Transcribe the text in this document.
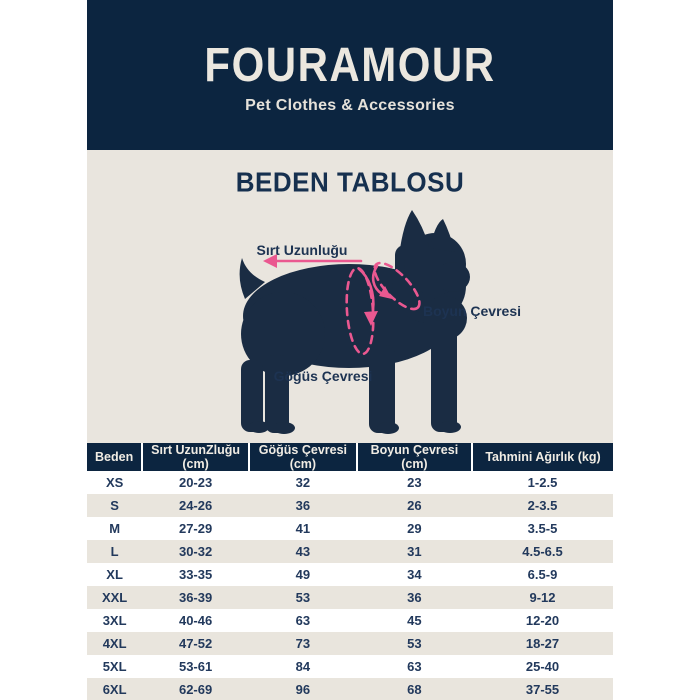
FOURAMOUR
Pet Clothes & Accessories
Sırt Uzunluğu
Boyun Çevresi
Göğüs Çevresi
BEDEN TABLOSU
Beden	Sırt UzunZluğu (cm)	Göğüs Çevresi (cm)	Boyun Çevresi (cm)	Tahmini Ağırlık (kg)
XS	20-23	32	23	1-2.5
S	24-26	36	26	2-3.5
M	27-29	41	29	3.5-5
L	30-32	43	31	4.5-6.5
XL	33-35	49	34	6.5-9
XXL	36-39	53	36	9-12
3XL	40-46	63	45	12-20
4XL	47-52	73	53	18-27
5XL	53-61	84	63	25-40
6XL	62-69	96	68	37-55
